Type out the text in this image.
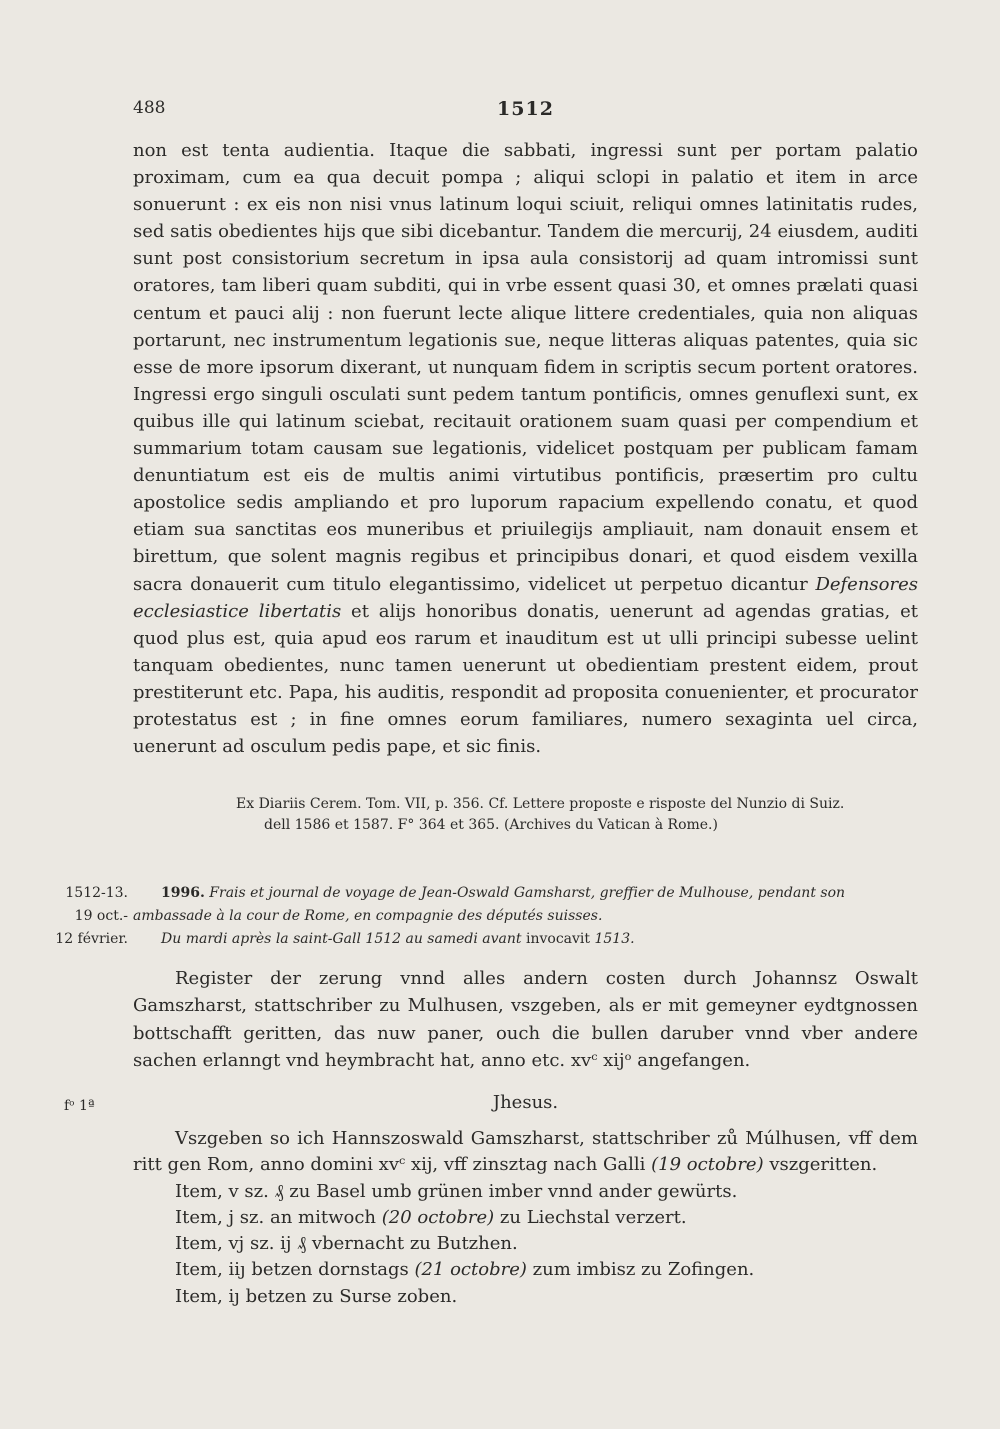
488	1512

non est tenta audientia. Itaque die sabbati, ingressi sunt per portam palatio proximam, cum ea qua decuit pompa ; aliqui sclopi in palatio et item in arce sonuerunt : ex eis non nisi vnus latinum loqui sciuit, reliqui omnes latinitatis rudes, sed satis obedientes hijs que sibi dicebantur. Tandem die mercurij, 24 eiusdem, auditi sunt post consistorium secretum in ipsa aula consistorij ad quam intromissi sunt oratores, tam liberi quam subditi, qui in vrbe essent quasi 30, et omnes prælati quasi centum et pauci alij : non fuerunt lecte alique littere credentiales, quia non aliquas portarunt, nec instrumentum legationis sue, neque litteras aliquas patentes, quia sic esse de more ipsorum dixerant, ut nunquam fidem in scriptis secum portent oratores. Ingressi ergo singuli osculati sunt pedem tantum pontificis, omnes genuflexi sunt, ex quibus ille qui latinum sciebat, recitauit orationem suam quasi per compendium et summarium totam causam sue legationis, videlicet postquam per publicam famam denuntiatum est eis de multis animi virtutibus pontificis, præsertim pro cultu apostolice sedis ampliando et pro luporum rapacium expellendo conatu, et quod etiam sua sanctitas eos muneribus et priuilegijs ampliauit, nam donauit ensem et birettum, que solent magnis regibus et principibus donari, et quod eisdem vexilla sacra donauerit cum titulo elegantissimo, videlicet ut perpetuo dicantur Defensores ecclesiastice libertatis et alijs honoribus donatis, uenerunt ad agendas gratias, et quod plus est, quia apud eos rarum et inauditum est ut ulli principi subesse uelint tanquam obedientes, nunc tamen uenerunt ut obedientiam prestent eidem, prout prestiterunt etc. Papa, his auditis, respondit ad proposita conuenienter, et procurator protestatus est ; in fine omnes eorum familiares, numero sexaginta uel circa, uenerunt ad osculum pedis pape, et sic finis.

Ex Diariis Cerem. Tom. VII, p. 356. Cf. Lettere proposte e risposte del Nunzio di Suiz.
dell 1586 et 1587. F° 364 et 365. (Archives du Vatican à Rome.)
1512-13.
19 oct.-
12 février.
1996. Frais et journal de voyage de Jean-Oswald Gamsharst, greffier de Mulhouse, pendant son
ambassade à la cour de Rome, en compagnie des députés suisses.
Du mardi après la saint-Gall 1512 au samedi avant invocavit 1513.

Register der zerung vnnd alles andern costen durch Johannsz Oswalt Gamszharst, stattschriber zu Mulhusen, vszgeben, als er mit gemeyner eydtgnossen bottschafft geritten, das nuw paner, ouch die bullen daruber vnnd vber andere sachen erlanngt vnd heymbracht hat, anno etc. xvᶜ xijᵒ angefangen.

fᵒ 1ª	Jhesus.
Vszgeben so ich Hannszoswald Gamszharst, stattschriber zů Múlhusen, vff dem ritt gen Rom, anno domini xvᶜ xij, vff zinsztag nach Galli (19 octobre) vszgeritten.
Item, v sz. ₰ zu Basel umb grünen imber vnnd ander gewürts.
Item, j sz. an mitwoch (20 octobre) zu Liechstal verzert.
Item, vj sz. ij ₰ vbernacht zu Butzhen.
Item, iiȷ betzen dornstags (21 octobre) zum imbisz zu Zofingen.
Item, iȷ betzen zu Surse zoben.
